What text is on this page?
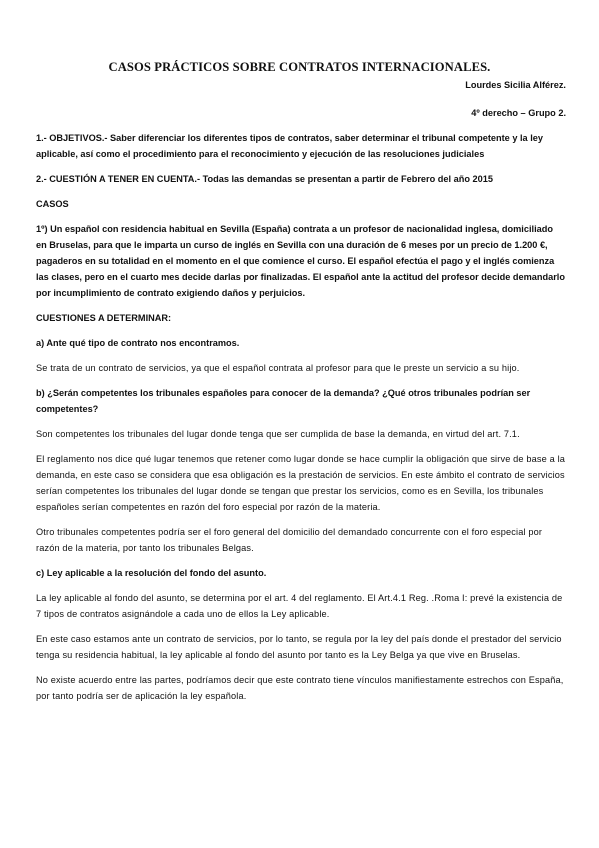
CASOS PRÁCTICOS SOBRE CONTRATOS INTERNACIONALES.
Lourdes Sicilia Alférez.
4º derecho – Grupo 2.

1.- OBJETIVOS.- Saber diferenciar los diferentes tipos de contratos, saber determinar el tribunal competente y la ley aplicable, así como el procedimiento para el reconocimiento y ejecución de las resoluciones judiciales

2.- CUESTIÓN A TENER EN CUENTA.- Todas las demandas se presentan a partir de Febrero del año 2015

CASOS

1º) Un español con residencia habitual en Sevilla (España) contrata a un profesor de nacionalidad inglesa, domiciliado en Bruselas, para que le imparta un curso de inglés en Sevilla con una duración de 6 meses por un precio de 1.200 €, pagaderos en su totalidad en el momento en el que comience el curso. El español efectúa el pago y el inglés comienza las clases, pero en el cuarto mes decide darlas por finalizadas. El español ante la actitud del profesor decide demandarlo por incumplimiento de contrato exigiendo daños y perjuicios.

CUESTIONES A DETERMINAR:

a) Ante qué tipo de contrato nos encontramos.

Se trata de un contrato de servicios, ya que el español contrata al profesor para que le preste un servicio a su hijo.

b) ¿Serán competentes los tribunales españoles para conocer de la demanda? ¿Qué otros tribunales podrían ser competentes?

Son competentes los tribunales del lugar donde tenga que ser cumplida de base la demanda, en virtud del art. 7.1.

El reglamento nos dice qué lugar tenemos que retener como lugar donde se hace cumplir la obligación que sirve de base a la demanda, en este caso se considera que esa obligación es la prestación de servicios. En este ámbito el contrato de servicios serían competentes los tribunales del lugar donde se tengan que prestar los servicios, como es en Sevilla, los tribunales españoles serían competentes en razón del foro especial por razón de la materia.

Otro tribunales competentes podría ser el foro general del domicilio del demandado concurrente con el foro especial por razón de la materia, por tanto los tribunales Belgas.

c) Ley aplicable a la resolución del fondo del asunto.

La ley aplicable al fondo del asunto, se determina por el art. 4 del reglamento. El Art.4.1 Reg. .Roma I: prevé la existencia de 7 tipos de contratos asignándole a cada uno de ellos la Ley aplicable.

En este caso estamos ante un contrato de servicios, por lo tanto, se regula por la ley del país donde el prestador del servicio tenga su residencia habitual, la ley aplicable al fondo del asunto por tanto es la Ley Belga ya que vive en Bruselas.

No existe acuerdo entre las partes, podríamos decir que este contrato tiene vínculos manifiestamente estrechos con España, por tanto podría ser de aplicación la ley española.
